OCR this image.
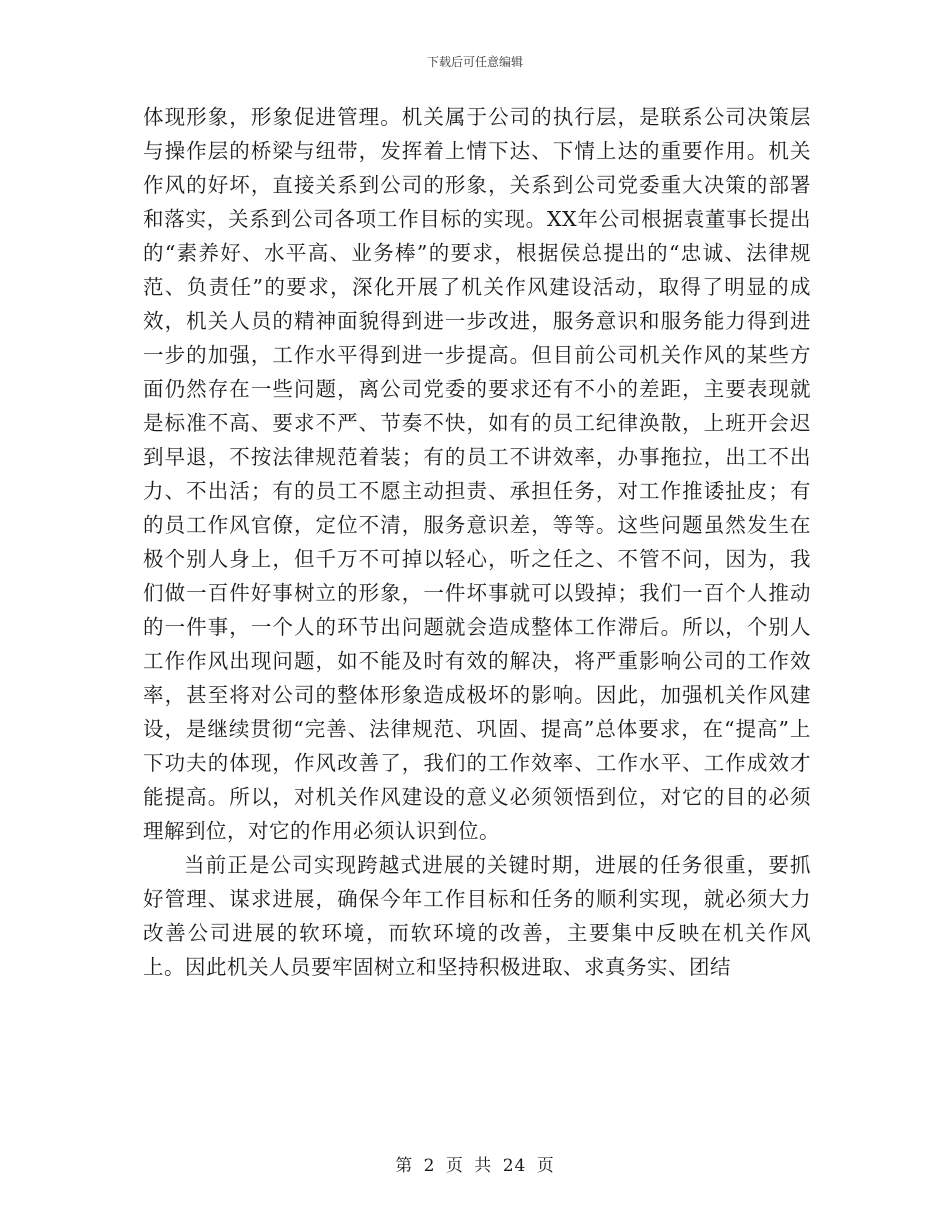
下载后可任意编辑

体现形象，形象促进管理。机关属于公司的执行层，是联系公司决策层与操作层的桥梁与纽带，发挥着上情下达、下情上达的重要作用。机关作风的好坏，直接关系到公司的形象，关系到公司党委重大决策的部署和落实，关系到公司各项工作目标的实现。XX年公司根据袁董事长提出的“素养好、水平高、业务棒”的要求，根据侯总提出的“忠诚、法律规范、负责任”的要求，深化开展了机关作风建设活动，取得了明显的成效，机关人员的精神面貌得到进一步改进，服务意识和服务能力得到进一步的加强，工作水平得到进一步提高。但目前公司机关作风的某些方面仍然存在一些问题，离公司党委的要求还有不小的差距，主要表现就是标准不高、要求不严、节奏不快，如有的员工纪律涣散，上班开会迟到早退，不按法律规范着装；有的员工不讲效率，办事拖拉，出工不出力、不出活；有的员工不愿主动担责、承担任务，对工作推诿扯皮；有的员工作风官僚，定位不清，服务意识差，等等。这些问题虽然发生在极个别人身上，但千万不可掉以轻心，听之任之、不管不问，因为，我们做一百件好事树立的形象，一件坏事就可以毁掉；我们一百个人推动的一件事，一个人的环节出问题就会造成整体工作滞后。所以，个别人工作作风出现问题，如不能及时有效的解决，将严重影响公司的工作效率，甚至将对公司的整体形象造成极坏的影响。因此，加强机关作风建设，是继续贯彻“完善、法律规范、巩固、提高”总体要求，在“提高”上下功夫的体现，作风改善了，我们的工作效率、工作水平、工作成效才能提高。所以，对机关作风建设的意义必须领悟到位，对它的目的必须理解到位，对它的作用必须认识到位。

当前正是公司实现跨越式进展的关键时期，进展的任务很重，要抓好管理、谋求进展，确保今年工作目标和任务的顺利实现，就必须大力改善公司进展的软环境，而软环境的改善，主要集中反映在机关作风上。因此机关人员要牢固树立和坚持积极进取、求真务实、团结

第 2 页 共 24 页
